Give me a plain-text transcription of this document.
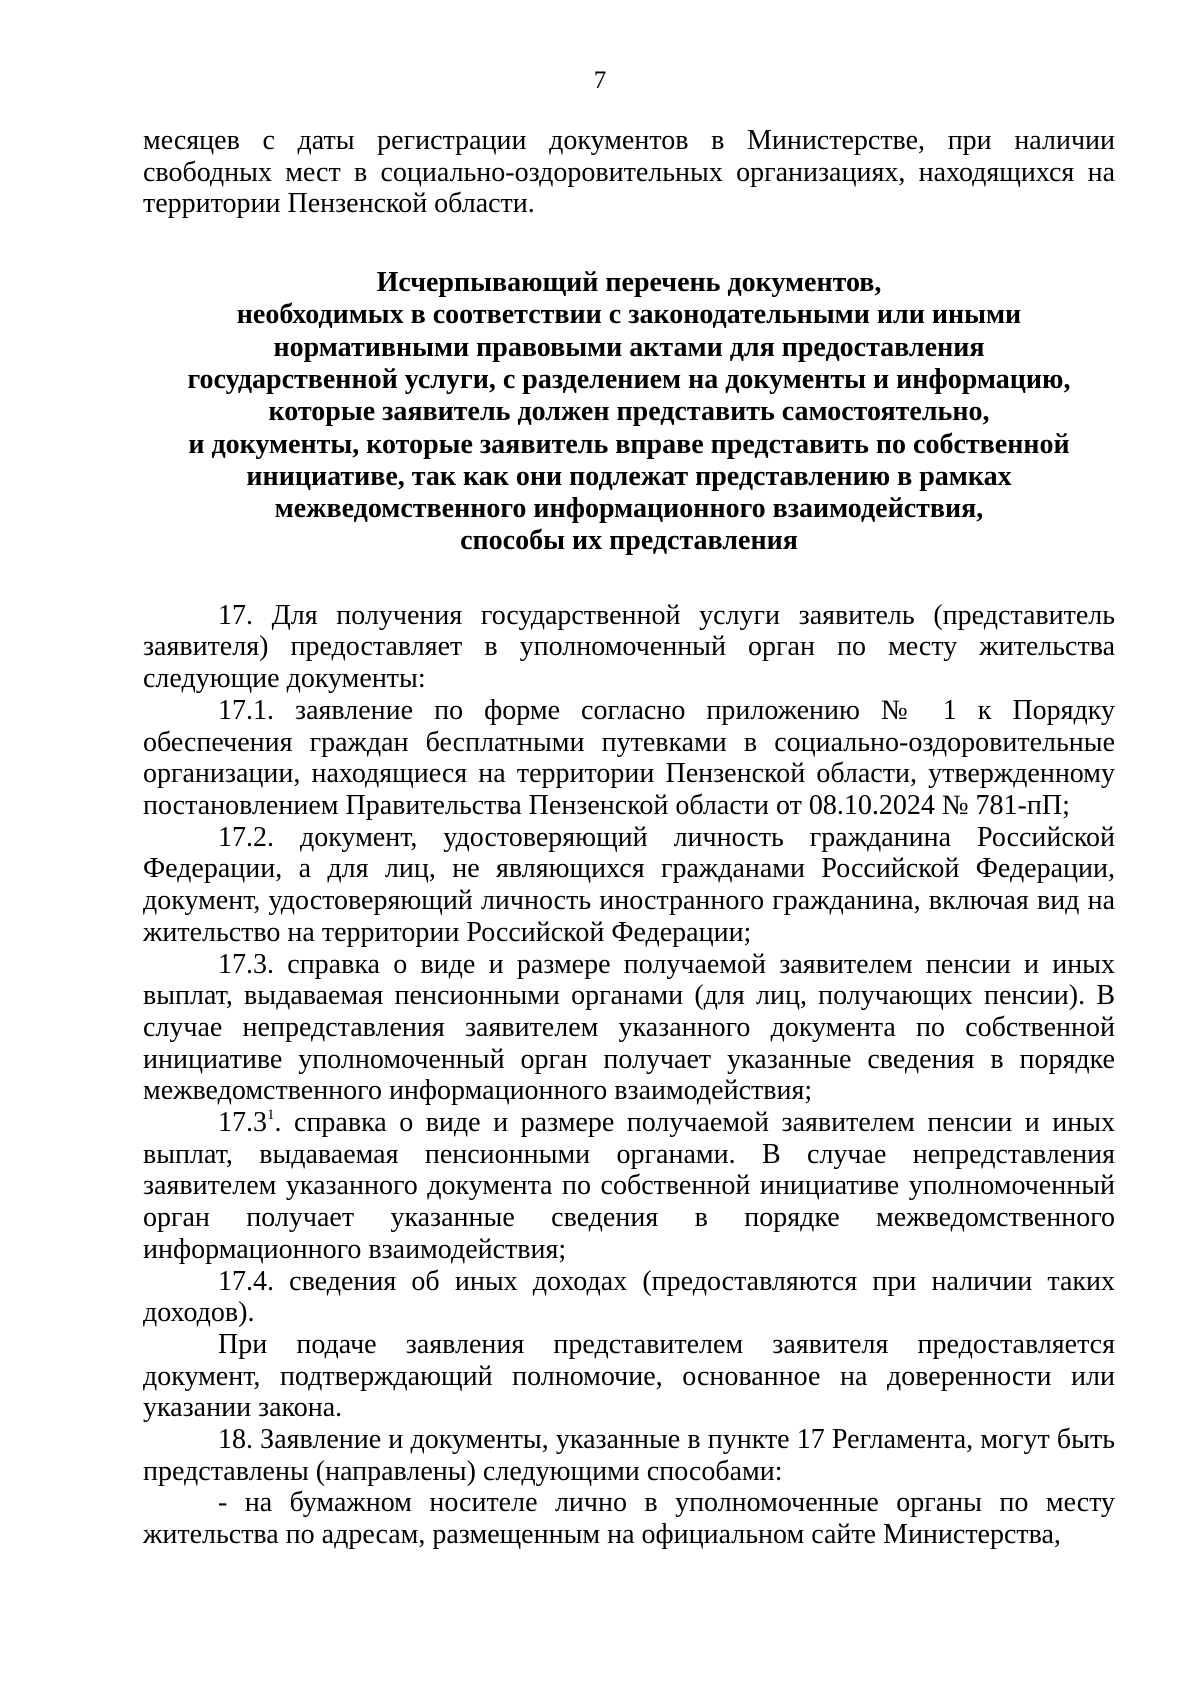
7

месяцев с даты регистрации документов в Министерстве, при наличии свободных мест в социально-оздоровительных организациях, находящихся на территории Пензенской области.

Исчерпывающий перечень документов,
необходимых в соответствии с законодательными или иными
нормативными правовыми актами для предоставления
государственной услуги, с разделением на документы и информацию,
которые заявитель должен представить самостоятельно,
и документы, которые заявитель вправе представить по собственной
инициативе, так как они подлежат представлению в рамках
межведомственного информационного взаимодействия,
способы их представления

17. Для получения государственной услуги заявитель (представитель заявителя) предоставляет в уполномоченный орган по месту жительства следующие документы:

17.1. заявление по форме согласно приложению № 1 к Порядку обеспечения граждан бесплатными путевками в социально-оздоровительные организации, находящиеся на территории Пензенской области, утвержденному постановлением Правительства Пензенской области от 08.10.2024 № 781-пП;

17.2. документ, удостоверяющий личность гражданина Российской Федерации, а для лиц, не являющихся гражданами Российской Федерации, документ, удостоверяющий личность иностранного гражданина, включая вид на жительство на территории Российской Федерации;

17.3. справка о виде и размере получаемой заявителем пенсии и иных выплат, выдаваемая пенсионными органами (для лиц, получающих пенсии). В случае непредставления заявителем указанного документа по собственной инициативе уполномоченный орган получает указанные сведения в порядке межведомственного информационного взаимодействия;

17.3$^1$. справка о виде и размере получаемой заявителем пенсии и иных выплат, выдаваемая пенсионными органами. В случае непредставления заявителем указанного документа по собственной инициативе уполномоченный орган получает указанные сведения в порядке межведомственного информационного взаимодействия;

17.4. сведения об иных доходах (предоставляются при наличии таких доходов).

При подаче заявления представителем заявителя предоставляется документ, подтверждающий полномочие, основанное на доверенности или указании закона.

18. Заявление и документы, указанные в пункте 17 Регламента, могут быть представлены (направлены) следующими способами:

- на бумажном носителе лично в уполномоченные органы по месту жительства по адресам, размещенным на официальном сайте Министерства,
